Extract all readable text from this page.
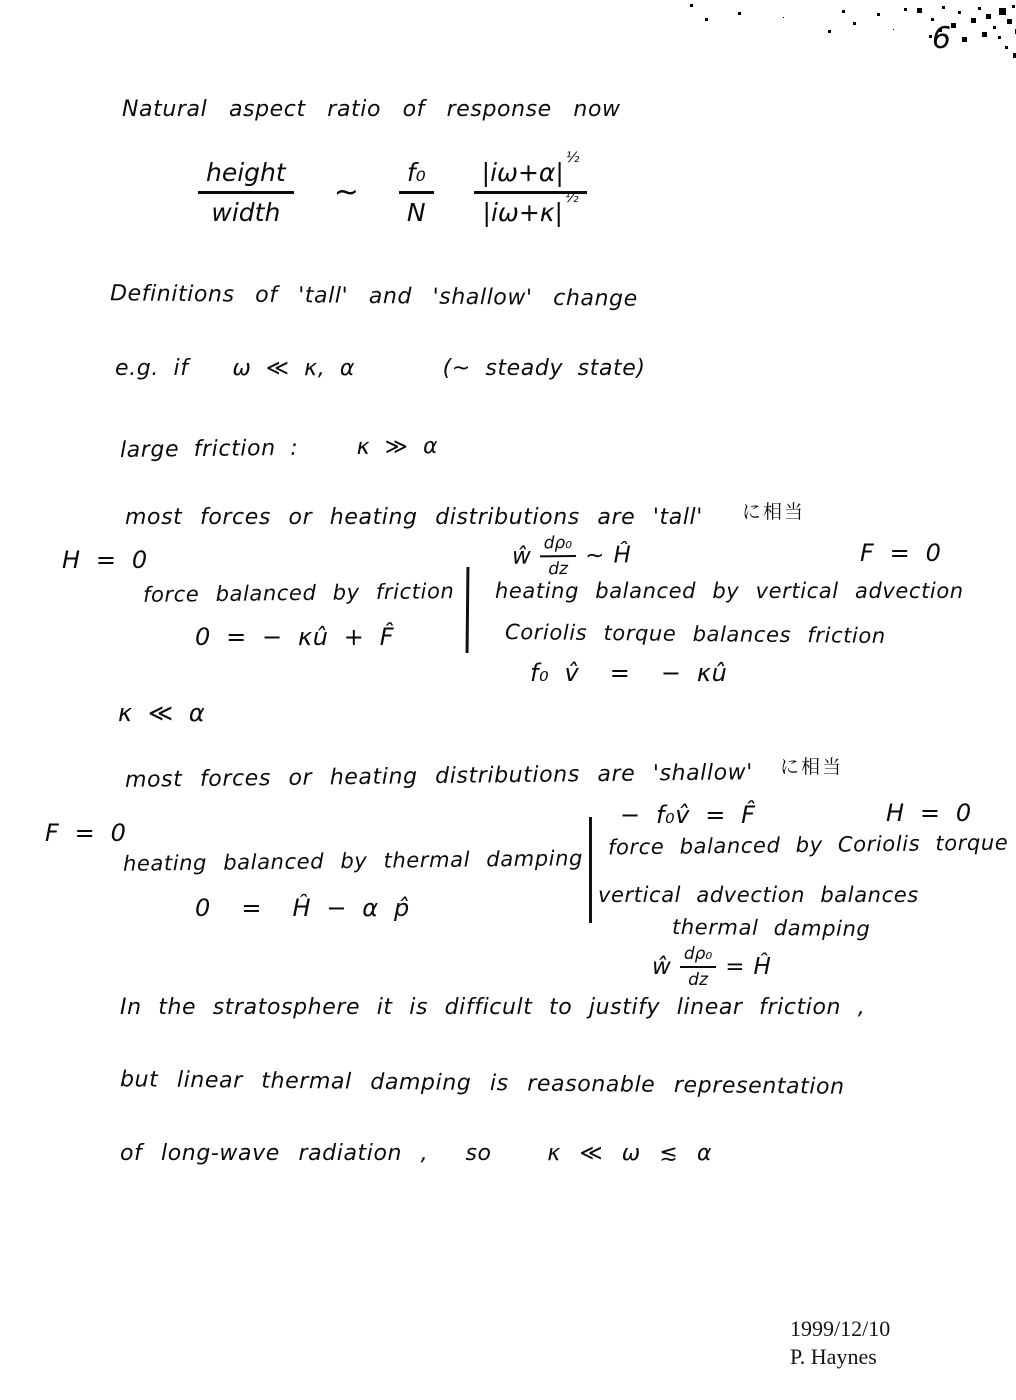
6
Natural aspect ratio of response now
$\frac{\text{height}}{\text{width}}$ ~ $\frac{\text{f₀}}{N} \frac{|i\omega+\alpha|^{\frac{1}{2}}}{|i\omega+\kappa|^{\frac{1}{2}}}$
Definitions of 'tall' and 'shallow' change
e.g. if   ω ≪ κ, α      (~ steady state)
large friction :    κ ≫ α
most forces or heating distributions are 'tall' に相当
H = 0	ŵ $\frac{\text{dρ₀}}{dz}$ ~ Ĥ	F = 0
force balanced by friction heating balanced by vertical advection
0 = − κû + F̂	Coriolis torque balances friction
f₀ v̂  =  − κû
κ ≪ α
most forces or heating distributions are 'shallow' に相当
− f₀v̂ = F̂	H = 0
F = 0
heating balanced by thermal damping
force balanced by Coriolis torque
vertical advection balances
0  =  Ĥ − α p̂
thermal damping
ŵ $\frac{\text{dρ₀}}{dz}$ = Ĥ
In the stratosphere it is difficult to justify linear friction ,
but linear thermal damping is reasonable representation
of long-wave radiation ,  so   κ ≪ ω ≲ α
1999/12/10
P. Haynes
